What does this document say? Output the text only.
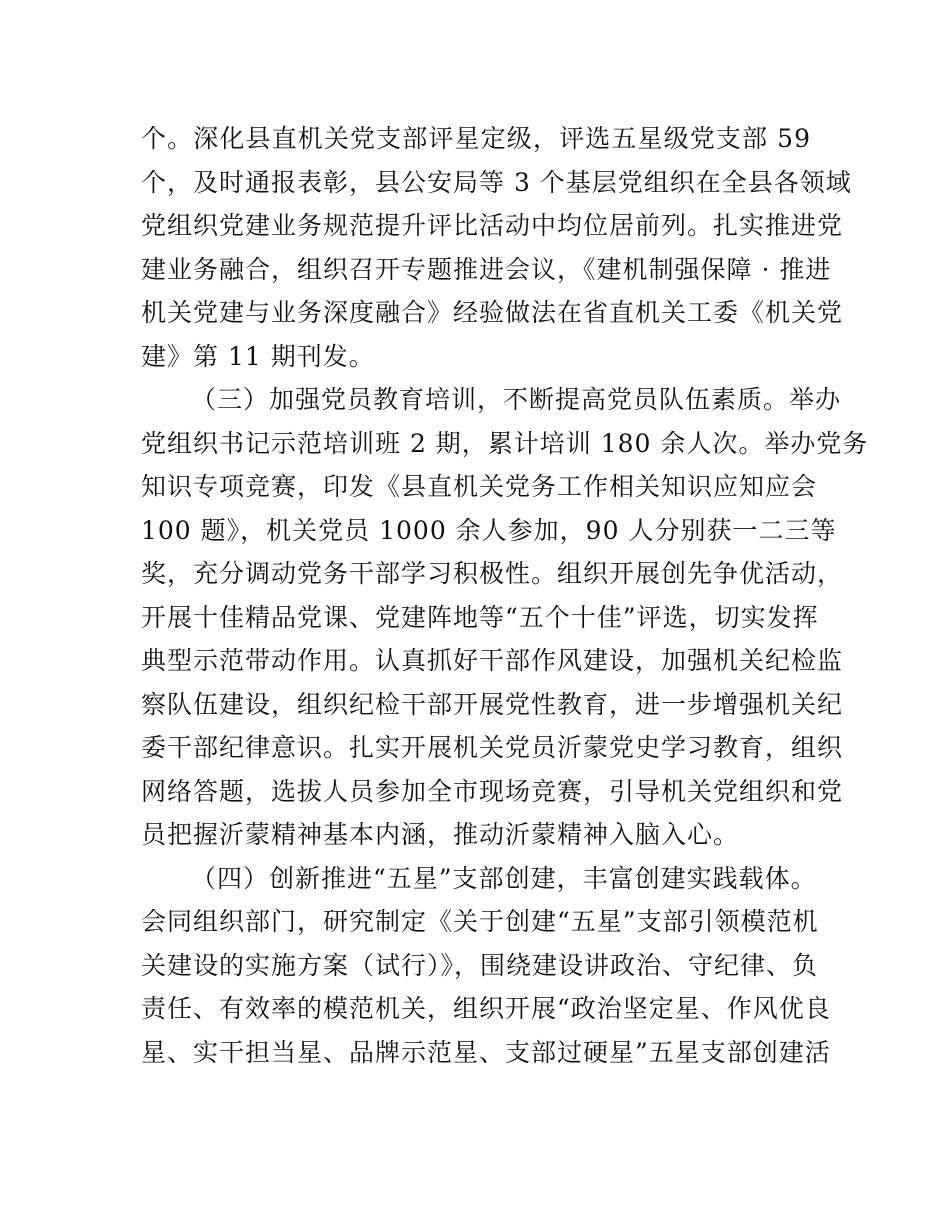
个。深化县直机关党支部评星定级，评选五星级党支部 59
个，及时通报表彰，县公安局等 3 个基层党组织在全县各领域
党组织党建业务规范提升评比活动中均位居前列。扎实推进党
建业务融合，组织召开专题推进会议，《建机制强保障 · 推进
机关党建与业务深度融合》经验做法在省直机关工委《机关党
建》第 11 期刊发。
（三）加强党员教育培训，不断提高党员队伍素质。举办
党组织书记示范培训班 2 期，累计培训 180 余人次。举办党务
知识专项竞赛，印发《县直机关党务工作相关知识应知应会
100 题》，机关党员 1000 余人参加，90 人分别获一二三等
奖，充分调动党务干部学习积极性。组织开展创先争优活动，
开展十佳精品党课、党建阵地等“五个十佳”评选，切实发挥
典型示范带动作用。认真抓好干部作风建设，加强机关纪检监
察队伍建设，组织纪检干部开展党性教育，进一步增强机关纪
委干部纪律意识。扎实开展机关党员沂蒙党史学习教育，组织
网络答题，选拔人员参加全市现场竞赛，引导机关党组织和党
员把握沂蒙精神基本内涵，推动沂蒙精神入脑入心。
（四）创新推进“五星”支部创建，丰富创建实践载体。
会同组织部门，研究制定《关于创建“五星”支部引领模范机
关建设的实施方案（试行）》，围绕建设讲政治、守纪律、负
责任、有效率的模范机关，组织开展“政治坚定星、作风优良
星、实干担当星、品牌示范星、支部过硬星”五星支部创建活
